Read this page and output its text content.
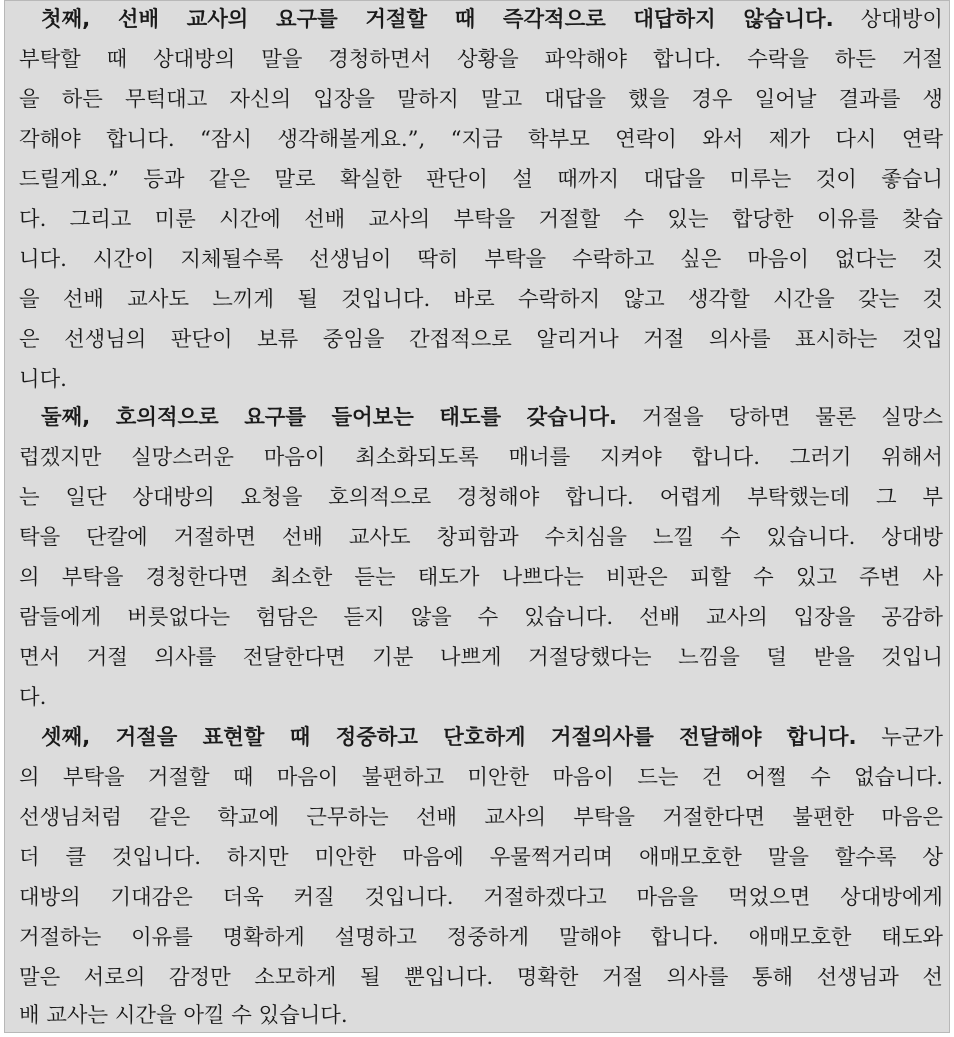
첫째, 선배 교사의 요구를 거절할 때 즉각적으로 대답하지 않습니다. 상대방이
부탁할 때 상대방의 말을 경청하면서 상황을 파악해야 합니다. 수락을 하든 거절
을 하든 무턱대고 자신의 입장을 말하지 말고 대답을 했을 경우 일어날 결과를 생
각해야 합니다. “잠시 생각해볼게요.”, “지금 학부모 연락이 와서 제가 다시 연락
드릴게요.” 등과 같은 말로 확실한 판단이 설 때까지 대답을 미루는 것이 좋습니
다. 그리고 미룬 시간에 선배 교사의 부탁을 거절할 수 있는 합당한 이유를 찾습
니다. 시간이 지체될수록 선생님이 딱히 부탁을 수락하고 싶은 마음이 없다는 것
을 선배 교사도 느끼게 될 것입니다. 바로 수락하지 않고 생각할 시간을 갖는 것
은 선생님의 판단이 보류 중임을 간접적으로 알리거나 거절 의사를 표시하는 것입
니다.
둘째, 호의적으로 요구를 들어보는 태도를 갖습니다. 거절을 당하면 물론 실망스
럽겠지만 실망스러운 마음이 최소화되도록 매너를 지켜야 합니다. 그러기 위해서
는 일단 상대방의 요청을 호의적으로 경청해야 합니다. 어렵게 부탁했는데 그 부
탁을 단칼에 거절하면 선배 교사도 창피함과 수치심을 느낄 수 있습니다. 상대방
의 부탁을 경청한다면 최소한 듣는 태도가 나쁘다는 비판은 피할 수 있고 주변 사
람들에게 버릇없다는 험담은 듣지 않을 수 있습니다. 선배 교사의 입장을 공감하
면서 거절 의사를 전달한다면 기분 나쁘게 거절당했다는 느낌을 덜 받을 것입니
다.
셋째, 거절을 표현할 때 정중하고 단호하게 거절의사를 전달해야 합니다. 누군가
의 부탁을 거절할 때 마음이 불편하고 미안한 마음이 드는 건 어쩔 수 없습니다.
선생님처럼 같은 학교에 근무하는 선배 교사의 부탁을 거절한다면 불편한 마음은
더 클 것입니다. 하지만 미안한 마음에 우물쩍거리며 애매모호한 말을 할수록 상
대방의 기대감은 더욱 커질 것입니다. 거절하겠다고 마음을 먹었으면 상대방에게
거절하는 이유를 명확하게 설명하고 정중하게 말해야 합니다. 애매모호한 태도와
말은 서로의 감정만 소모하게 될 뿐입니다. 명확한 거절 의사를 통해 선생님과 선
배 교사는 시간을 아낄 수 있습니다.
